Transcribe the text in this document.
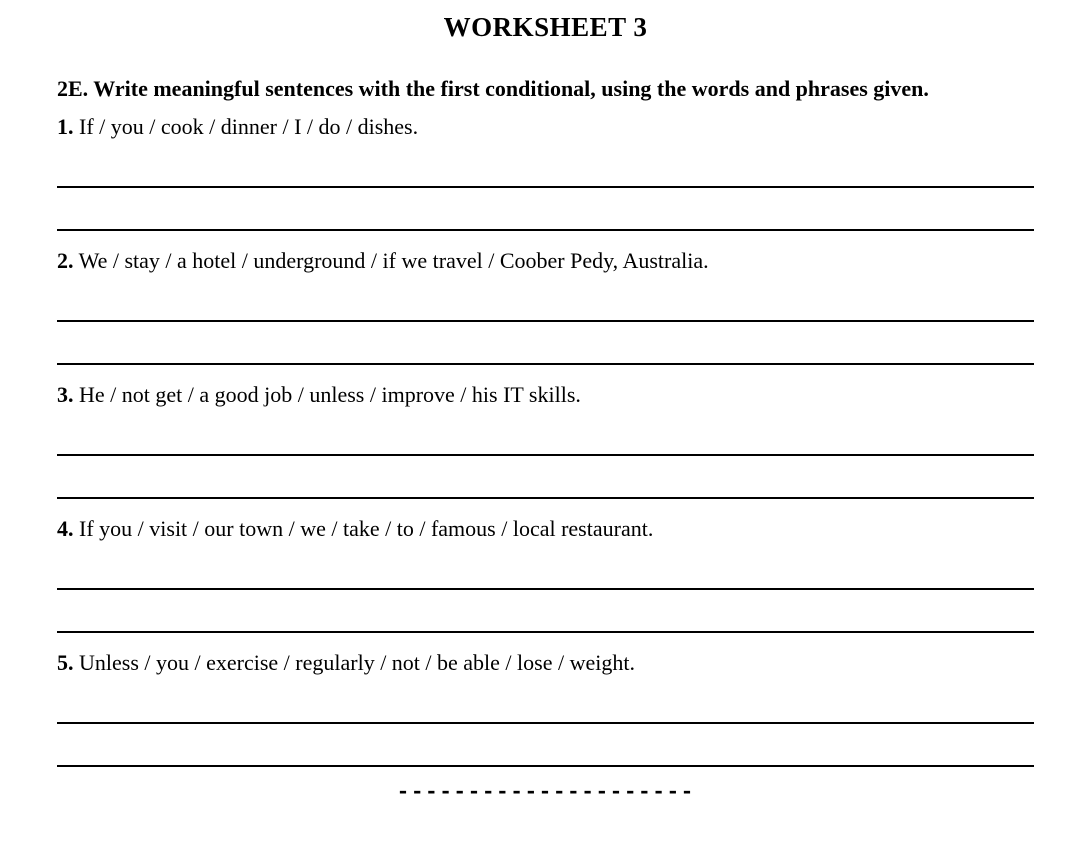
WORKSHEET 3

2E. Write meaningful sentences with the first conditional, using the words and phrases given.

1. If / you / cook / dinner / I / do / dishes.

2. We / stay / a hotel / underground / if we travel / Coober Pedy, Australia.

3. He / not get / a good job / unless / improve / his IT skills.

4. If you / visit / our town / we / take / to / famous / local restaurant.

5. Unless / you / exercise / regularly / not / be able / lose / weight.

---------------------
